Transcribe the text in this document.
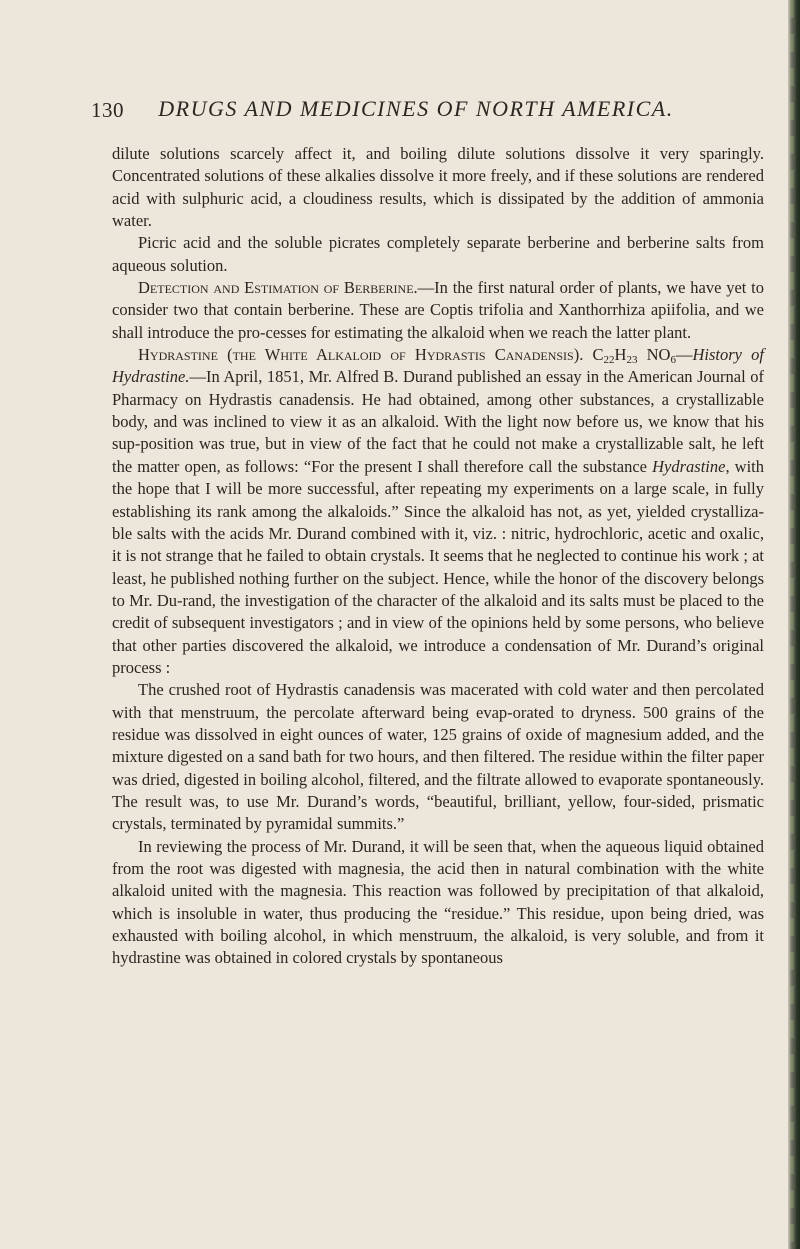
130	DRUGS AND MEDICINES OF NORTH AMERICA.

dilute solutions scarcely affect it, and boiling dilute solutions dissolve it very sparingly. Concentrated solutions of these alkalies dissolve it more freely, and if these solutions are rendered acid with sulphuric acid, a cloudiness results, which is dissipated by the addition of ammonia water.

Picric acid and the soluble picrates completely separate berberine and berberine salts from aqueous solution.

Detection and Estimation of Berberine.—In the first natural order of plants, we have yet to consider two that contain berberine. These are Coptis trifolia and Xanthorrhiza apiifolia, and we shall introduce the pro-cesses for estimating the alkaloid when we reach the latter plant.

Hydrastine (the White Alkaloid of Hydrastis Canadensis). $C_{22}H_{23}$ $NO_6—History$ of Hydrastine.—In April, 1851, Mr. Alfred B. Durand published an essay in the American Journal of Pharmacy on Hydrastis canadensis. He had obtained, among other substances, a crystallizable body, and was inclined to view it as an alkaloid. With the light now before us, we know that his sup-position was true, but in view of the fact that he could not make a crystallizable salt, he left the matter open, as follows: “For the present I shall therefore call the substance Hydrastine, with the hope that I will be more successful, after repeating my experiments on a large scale, in fully establishing its rank among the alkaloids.” Since the alkaloid has not, as yet, yielded crystalliza-ble salts with the acids Mr. Durand combined with it, viz. : nitric, hydrochloric, acetic and oxalic, it is not strange that he failed to obtain crystals. It seems that he neglected to continue his work ; at least, he published nothing further on the subject. Hence, while the honor of the discovery belongs to Mr. Du-rand, the investigation of the character of the alkaloid and its salts must be placed to the credit of subsequent investigators ; and in view of the opinions held by some persons, who believe that other parties discovered the alkaloid, we introduce a condensation of Mr. Durand’s original process :

The crushed root of Hydrastis canadensis was macerated with cold water and then percolated with that menstruum, the percolate afterward being evap-orated to dryness. 500 grains of the residue was dissolved in eight ounces of water, 125 grains of oxide of magnesium added, and the mixture digested on a sand bath for two hours, and then filtered. The residue within the filter paper was dried, digested in boiling alcohol, filtered, and the filtrate allowed to evaporate spontaneously. The result was, to use Mr. Durand’s words, “beautiful, brilliant, yellow, four-sided, prismatic crystals, terminated by pyramidal summits.”

In reviewing the process of Mr. Durand, it will be seen that, when the aqueous liquid obtained from the root was digested with magnesia, the acid then in natural combination with the white alkaloid united with the magnesia. This reaction was followed by precipitation of that alkaloid, which is insoluble in water, thus producing the “residue.” This residue, upon being dried, was exhausted with boiling alcohol, in which menstruum, the alkaloid, is very soluble, and from it hydrastine was obtained in colored crystals by spontaneous
